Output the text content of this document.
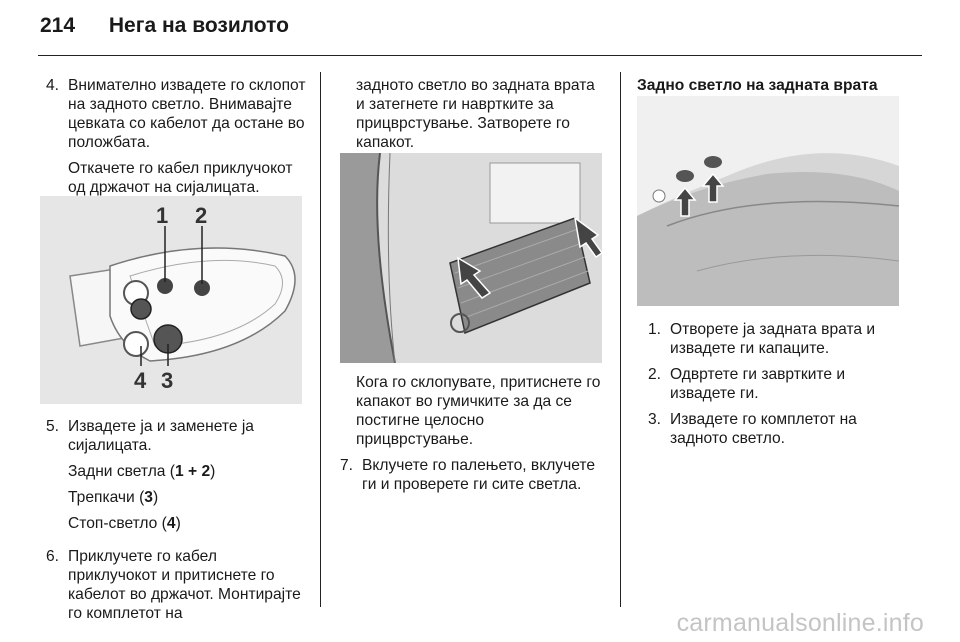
214 Нега на возилото
4. Внимателно извадете го склопот на задното светло. Внимавајте цевката со кабелот да остане во положбата.

Откачете го кабел приклучокот од држачот на сијалицата.

1 2
4 3
5. Извадете ја и заменете ја сијалицата.

Задни светла (1 + 2)

Трепкачи (3)

Стоп-светло (4)

6. Приклучете го кабел приклучокот и притиснете го кабелот во држачот. Монтирајте го комплетот на

задното светло во задната врата и затегнете ги навртките за прицврстување. Затворете го капакот.

Кога го склопувате, притиснете го капакот во гумичките за да се постигне целосно прицврстување.

7. Вклучете го палењето, вклучете ги и проверете ги сите светла.

Задно светло на задната врата

1. Отворете ја задната врата и извадете ги капаците.
2. Одвртете ги завртките и извадете ги.
3. Извадете го комплетот на задното светло.
carmanualsonline.info
